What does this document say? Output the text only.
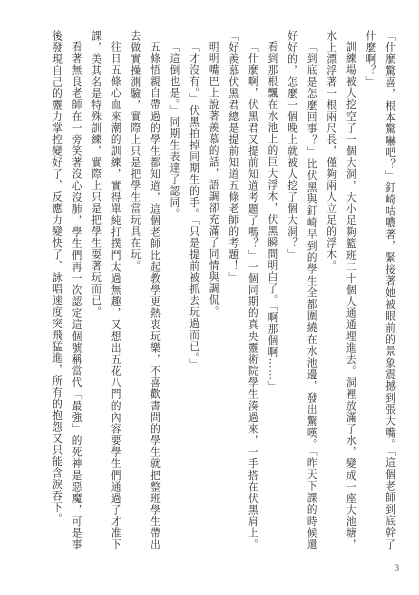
「什麼驚喜，根本驚嚇吧？」釘崎咕噥著，緊接著她被眼前的景象震撼到張大嘴。「這個老師到底幹了什麼啊？」

訓練場被人挖空了一個大洞，大小足夠籃班二十個人通通埋進去。洞裡放滿了水，變成一座大池塘，水上漂浮著一根兩尺長，僅夠兩人立足的浮木。

「到底是怎麼回事？」比伏黑與釘崎早到的學生全都圍繞在水池邊，發出驚嘆。「昨天下課的時候還好好的，怎麼一個晚上就被人挖了個大洞？」

看到那根飄在水池上的巨大浮木，伏黑瞬間明白了。「啊那個啊……」

「什麼啊，伏黑君又提前知道考題了嗎？」一個同期的真央靈術院學生湊過來，一手搭在伏黑肩上。「好羨慕伏黑君總是提前知道五條老師的考題！」

明明嘴巴上說著羨慕的話，語調卻充滿了同情與調侃。

「才沒有。」伏黑拍掉同期生的手。「只是提前被抓去玩過而已。」

「這倒也是。」同期生表達了認同。

五條悟親自帶過的學生都知道，這個老師比起教學更熱衷玩樂，不喜歡書問的學生就把整班學生帶出去做實操測驗，實際上只是把學生當玩具在玩。

往日五條心血來潮的訓練，實得單純打撲鬥太過無趣，又想出五花八門的內容要學生們通過了才准下課，美其名是特殊訓練，實際上只是把學生耍著玩而已。

看著無良老師在一旁笑著沒心沒肺，學生們再一次認定這個號稱當代「最強」的死神是惡魔，可是事後發現自己的靈力掌控變好了、反應力變快了、詠唱速度突飛猛進，所有的抱怨又只能含淚吞下。

3
